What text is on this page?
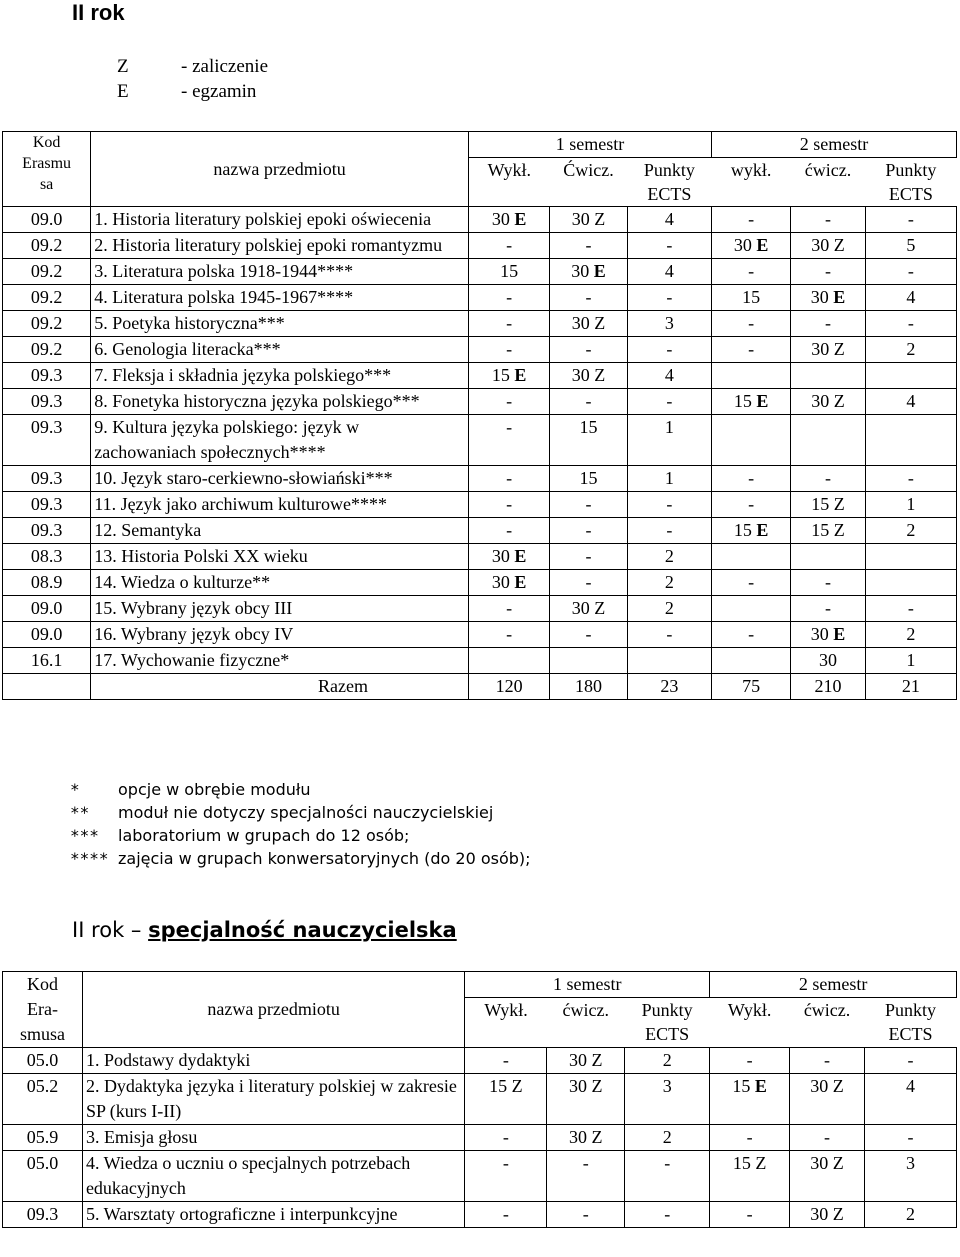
II rok
Z	- zaliczenie
E	- egzamin
Kod
Erasmu
sa	nazwa przedmiotu	1 semestr			2 semestr		
		Wykł.	Ćwicz.	Punkty ECTS	wykł.	ćwicz.	Punkty ECTS
09.0	1. Historia literatury polskiej epoki oświecenia	30 E	30 Z	4	-	-	-
09.2	2. Historia literatury polskiej epoki romantyzmu	-	-	-	30 E	30 Z	5
09.2	3. Literatura polska 1918-1944****	15	30 E	4	-	-	-
09.2	4. Literatura polska 1945-1967****	-	-	-	15	30 E	4
09.2	5. Poetyka historyczna***	-	30 Z	3	-	-	-
09.2	6. Genologia literacka***	-	-	-	-	30 Z	2
09.3	7. Fleksja i składnia języka polskiego***	15 E	30 Z	4			
09.3	8. Fonetyka historyczna języka polskiego***	-	-	-	15 E	30 Z	4
09.3	9. Kultura języka polskiego: język w zachowaniach społecznych****	-	15	1			
09.3	10. Język staro-cerkiewno-słowiański***	-	15	1	-	-	-
09.3	11. Język jako archiwum kulturowe****	-	-	-	-	15 Z	1
09.3	12. Semantyka	-	-	-	15 E	15 Z	2
08.3	13. Historia Polski XX wieku	30 E	-	2			
08.9	14. Wiedza o kulturze**	30 E	-	2	-	-	
09.0	15. Wybrany język obcy III	-	30 Z	2		-	-
09.0	16. Wybrany język obcy IV	-	-	-	-	30 E	2
16.1	17. Wychowanie fizyczne*					30	1
	Razem	120	180	23	75	210	21
* opcje w obrębie modułu
** moduł nie dotyczy specjalności nauczycielskiej
*** laboratorium w grupach do 12 osób;
**** zajęcia w grupach konwersatoryjnych (do 20 osób);
II rok – specjalność nauczycielska
Kod
Era-
smusa	nazwa przedmiotu	1 semestr			2 semestr		
		Wykł.	ćwicz.	Punkty ECTS	Wykł.	ćwicz.	Punkty ECTS
05.0	1. Podstawy dydaktyki	-	30 Z	2	-	-	-
05.2	2. Dydaktyka języka i literatury polskiej w zakresie SP (kurs I-II)	15 Z	30 Z	3	15 E	30 Z	4
05.9	3. Emisja głosu	-	30 Z	2	-	-	-
05.0	4. Wiedza o uczniu o specjalnych potrzebach edukacyjnych	-	-	-	15 Z	30 Z	3
09.3	5. Warsztaty ortograficzne i interpunkcyjne	-	-	-	-	30 Z	2
